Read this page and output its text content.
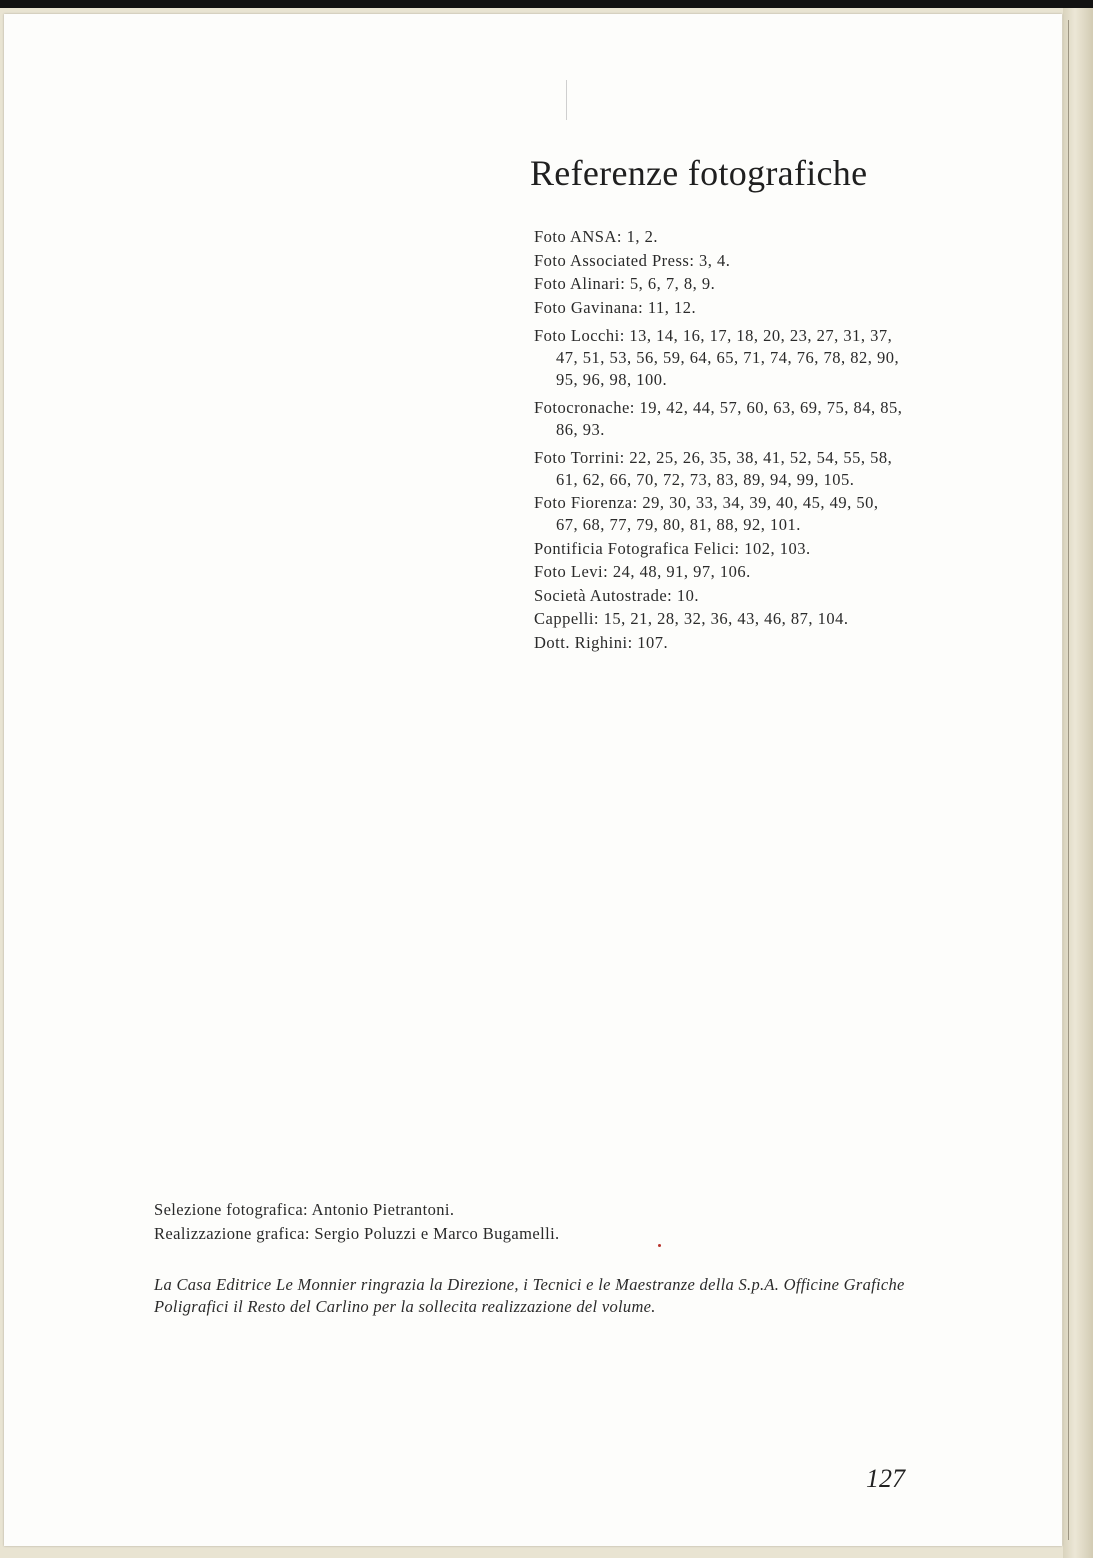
Referenze fotografiche
Foto ANSA: 1, 2.
Foto Associated Press: 3, 4.
Foto Alinari: 5, 6, 7, 8, 9.
Foto Gavinana: 11, 12.
Foto Locchi: 13, 14, 16, 17, 18, 20, 23, 27, 31, 37, 47, 51, 53, 56, 59, 64, 65, 71, 74, 76, 78, 82, 90, 95, 96, 98, 100.
Fotocronache: 19, 42, 44, 57, 60, 63, 69, 75, 84, 85, 86, 93.
Foto Torrini: 22, 25, 26, 35, 38, 41, 52, 54, 55, 58, 61, 62, 66, 70, 72, 73, 83, 89, 94, 99, 105.
Foto Fiorenza: 29, 30, 33, 34, 39, 40, 45, 49, 50, 67, 68, 77, 79, 80, 81, 88, 92, 101.
Pontificia Fotografica Felici: 102, 103.
Foto Levi: 24, 48, 91, 97, 106.
Società Autostrade: 10.
Cappelli: 15, 21, 28, 32, 36, 43, 46, 87, 104.
Dott. Righini: 107.
Selezione fotografica: Antonio Pietrantoni.
Realizzazione grafica: Sergio Poluzzi e Marco Bugamelli.

La Casa Editrice Le Monnier ringrazia la Direzione, i Tecnici e le Maestranze della S.p.A. Officine Grafiche Poligrafici il Resto del Carlino per la sollecita realizzazione del volume.

127
